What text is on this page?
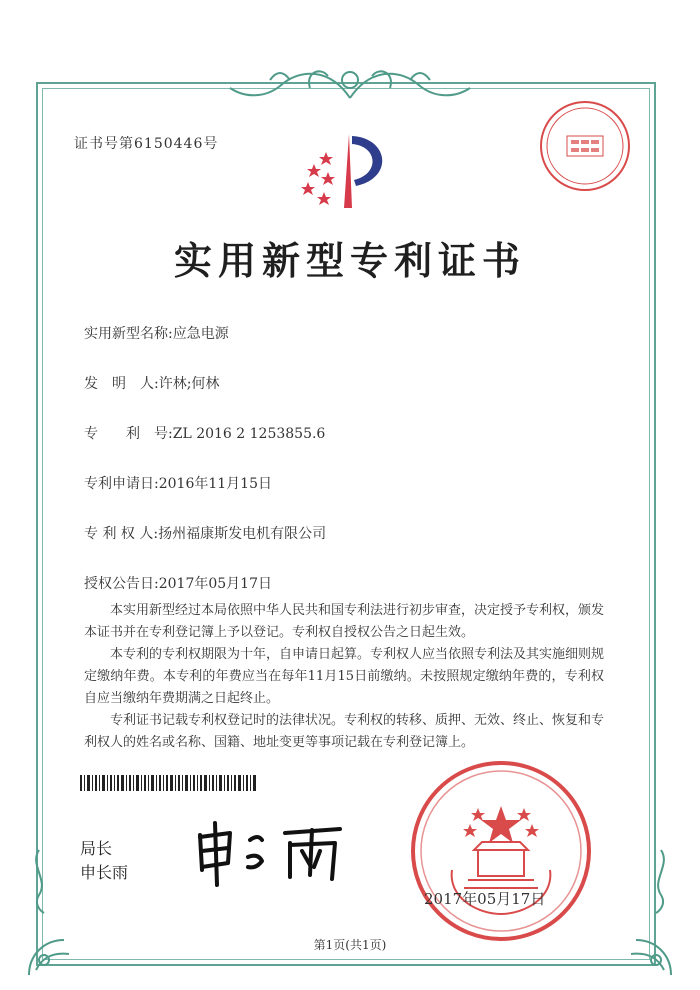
证书号第6150446号
实用新型专利证书
实用新型名称:应急电源
发　明　人:许林;何林
专　　利　号:ZL 2016 2 1253855.6
专利申请日:2016年11月15日
专 利 权 人:扬州福康斯发电机有限公司
授权公告日:2017年05月17日

本实用新型经过本局依照中华人民共和国专利法进行初步审查，决定授予专利权，颁发本证书并在专利登记簿上予以登记。专利权自授权公告之日起生效。

本专利的专利权期限为十年，自申请日起算。专利权人应当依照专利法及其实施细则规定缴纳年费。本专利的年费应当在每年11月15日前缴纳。未按照规定缴纳年费的，专利权自应当缴纳年费期满之日起终止。

专利证书记载专利权登记时的法律状况。专利权的转移、质押、无效、终止、恢复和专利权人的姓名或名称、国籍、地址变更等事项记载在专利登记簿上。

局长
申长雨
2017年05月17日
第1页(共1页)
